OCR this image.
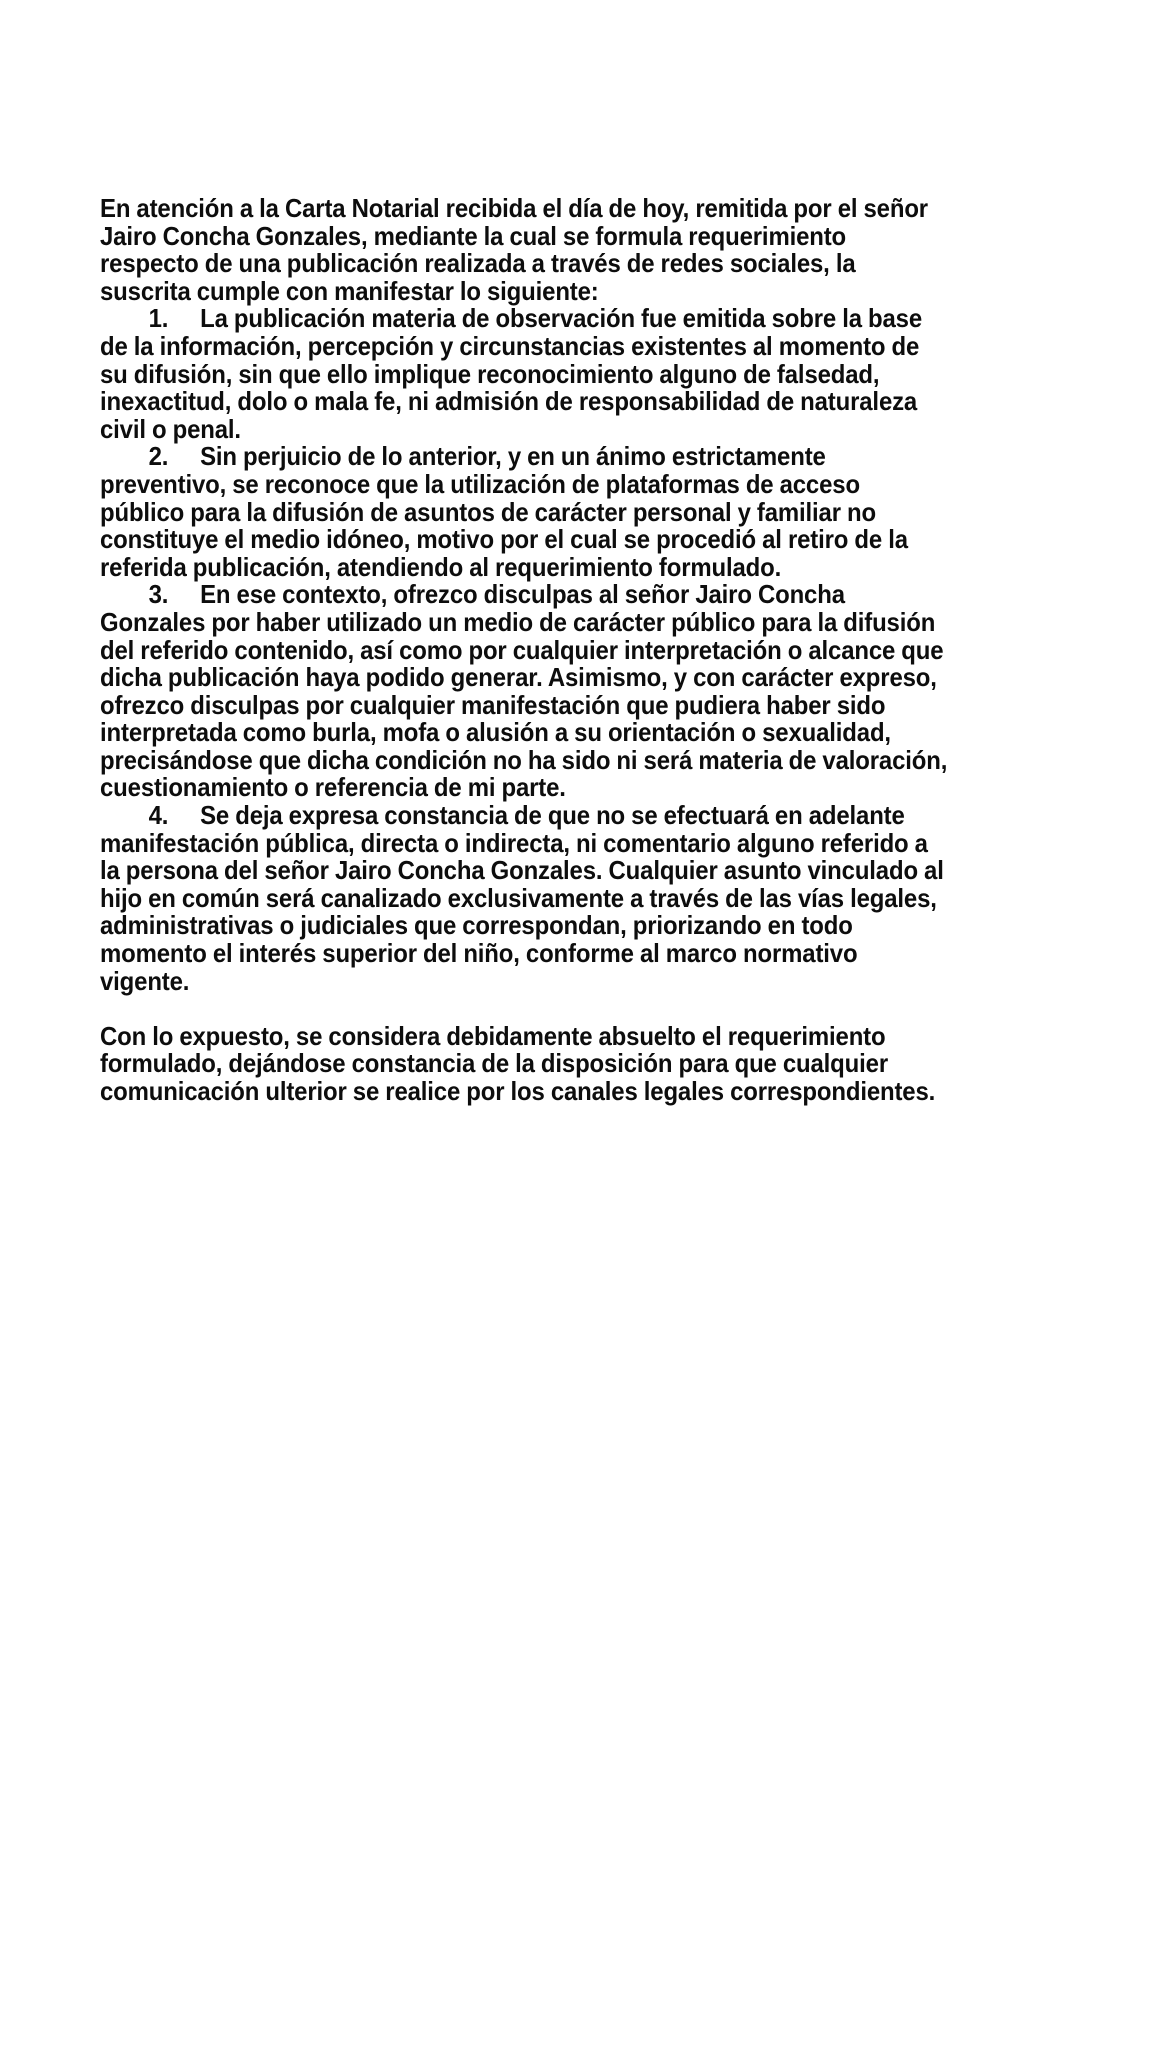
En atención a la Carta Notarial recibida el día de hoy, remitida por el señor Jairo Concha Gonzales, mediante la cual se formula requerimiento respecto de una publicación realizada a través de redes sociales, la suscrita cumple con manifestar lo siguiente:

1. La publicación materia de observación fue emitida sobre la base de la información, percepción y circunstancias existentes al momento de su difusión, sin que ello implique reconocimiento alguno de falsedad, inexactitud, dolo o mala fe, ni admisión de responsabilidad de naturaleza civil o penal.

2. Sin perjuicio de lo anterior, y en un ánimo estrictamente preventivo, se reconoce que la utilización de plataformas de acceso público para la difusión de asuntos de carácter personal y familiar no constituye el medio idóneo, motivo por el cual se procedió al retiro de la referida publicación, atendiendo al requerimiento formulado.

3. En ese contexto, ofrezco disculpas al señor Jairo Concha Gonzales por haber utilizado un medio de carácter público para la difusión del referido contenido, así como por cualquier interpretación o alcance que dicha publicación haya podido generar. Asimismo, y con carácter expreso, ofrezco disculpas por cualquier manifestación que pudiera haber sido interpretada como burla, mofa o alusión a su orientación o sexualidad, precisándose que dicha condición no ha sido ni será materia de valoración, cuestionamiento o referencia de mi parte.

4. Se deja expresa constancia de que no se efectuará en adelante manifestación pública, directa o indirecta, ni comentario alguno referido a la persona del señor Jairo Concha Gonzales. Cualquier asunto vinculado al hijo en común será canalizado exclusivamente a través de las vías legales, administrativas o judiciales que correspondan, priorizando en todo momento el interés superior del niño, conforme al marco normativo vigente.

Con lo expuesto, se considera debidamente absuelto el requerimiento formulado, dejándose constancia de la disposición para que cualquier comunicación ulterior se realice por los canales legales correspondientes.
